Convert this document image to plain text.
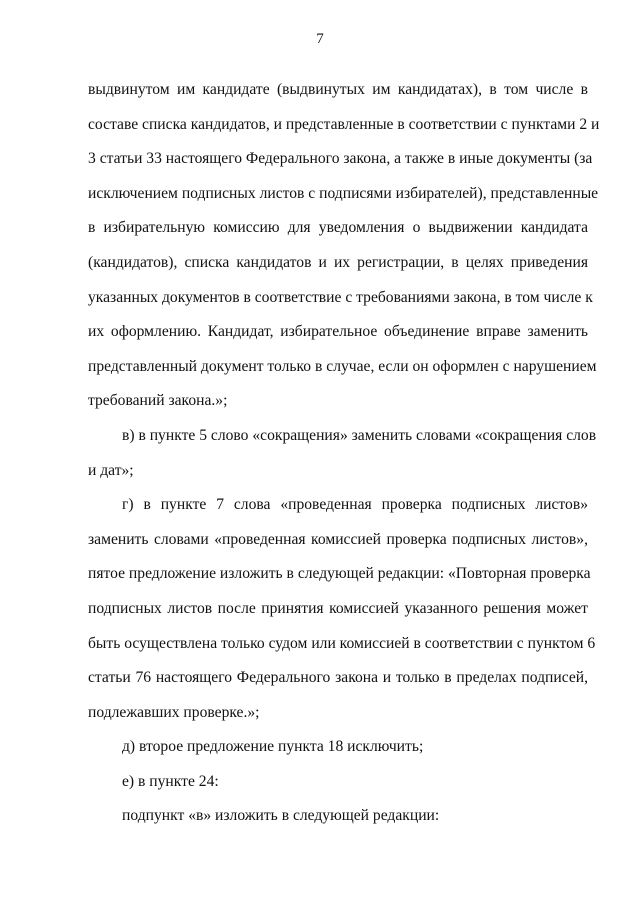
7
выдвинутом им кандидате (выдвинутых им кандидатах), в том числе в
составе списка кандидатов, и представленные в соответствии с пунктами 2 и
3 статьи 33 настоящего Федерального закона, а также в иные документы (за
исключением подписных листов с подписями избирателей), представленные
в избирательную комиссию для уведомления о выдвижении кандидата
(кандидатов), списка кандидатов и их регистрации, в целях приведения
указанных документов в соответствие с требованиями закона, в том числе к
их оформлению. Кандидат, избирательное объединение вправе заменить
представленный документ только в случае, если он оформлен с нарушением
требований закона.»;
в) в пункте 5 слово «сокращения» заменить словами «сокращения слов
и дат»;
г) в пункте 7 слова «проведенная проверка подписных листов»
заменить словами «проведенная комиссией проверка подписных листов»,
пятое предложение изложить в следующей редакции: «Повторная проверка
подписных листов после принятия комиссией указанного решения может
быть осуществлена только судом или комиссией в соответствии с пунктом 6
статьи 76 настоящего Федерального закона и только в пределах подписей,
подлежавших проверке.»;
д) второе предложение пункта 18 исключить;
е) в пункте 24:
подпункт «в» изложить в следующей редакции:
